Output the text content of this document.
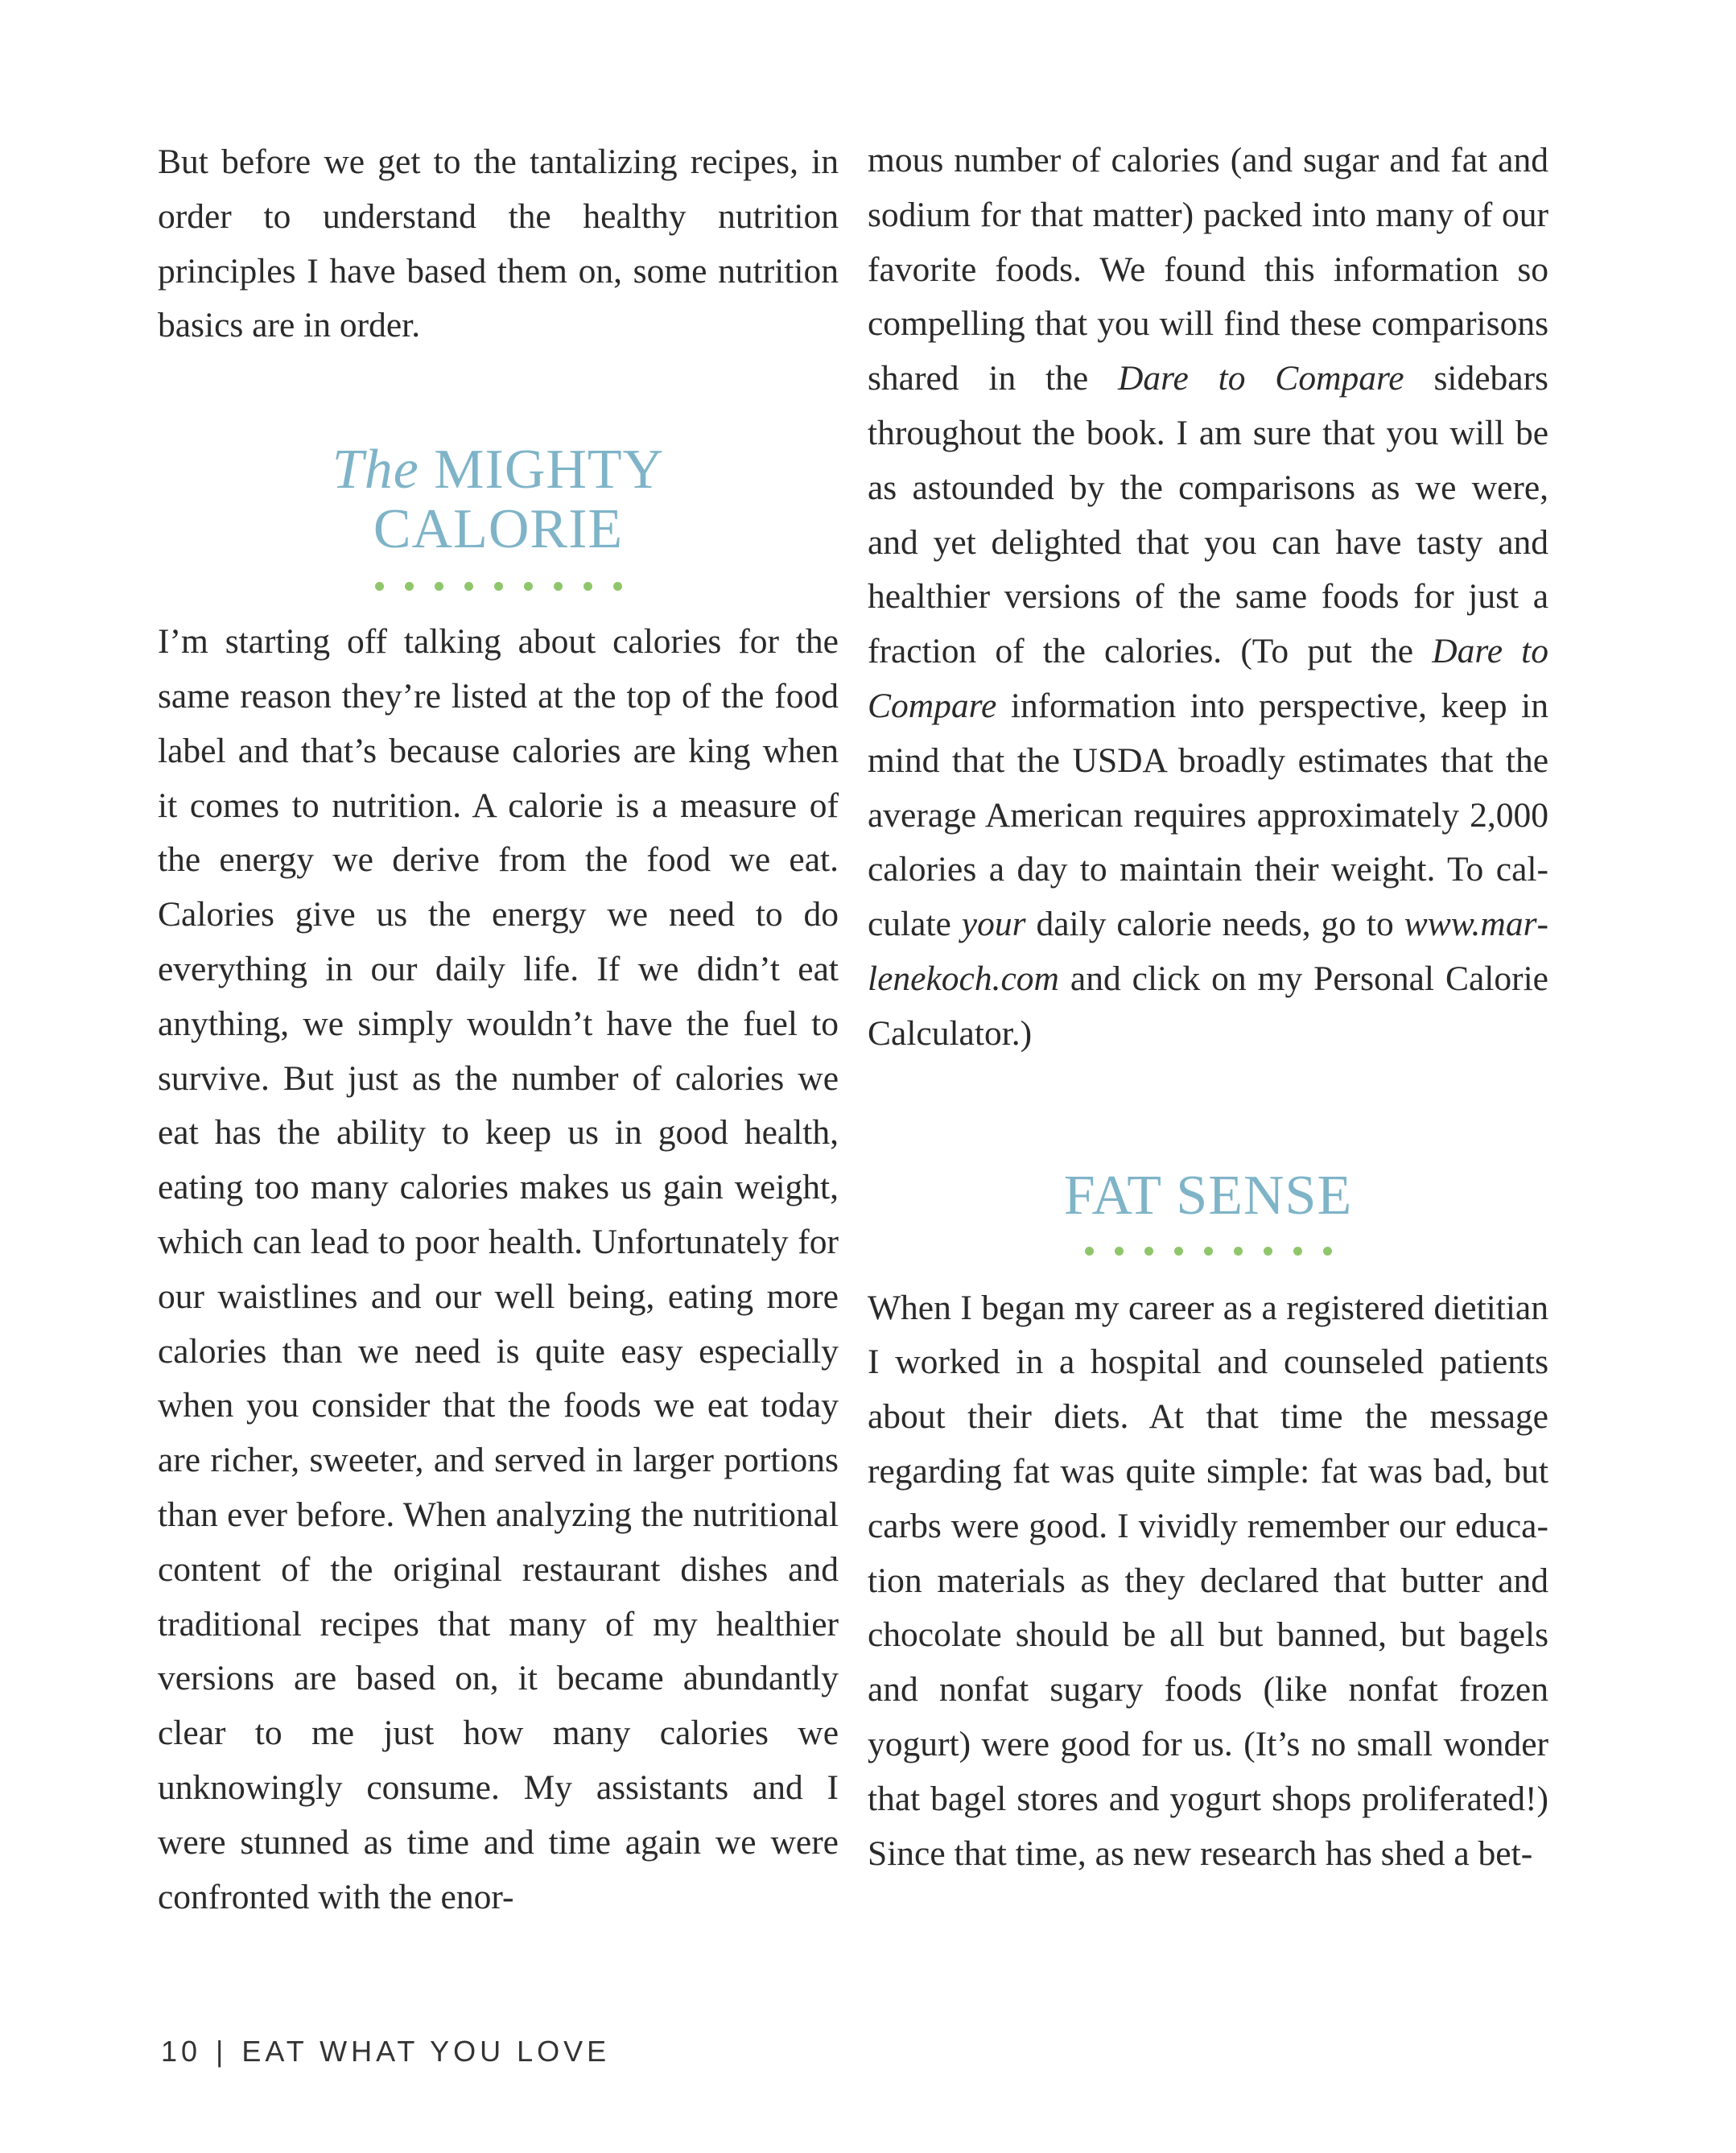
But before we get to the tantalizing recipes, in order to understand the healthy nutrition principles I have based them on, some nutrition basics are in order.

The MIGHTY
CALORIE

I’m starting off talking about calories for the same reason they’re listed at the top of the food label and that’s because calories are king when it comes to nutrition. A calorie is a measure of the energy we derive from the food we eat. Calories give us the energy we need to do everything in our daily life. If we didn’t eat anything, we simply wouldn’t have the fuel to survive. But just as the number of calories we eat has the ability to keep us in good health, eating too many calories makes us gain weight, which can lead to poor health. Unfortunately for our waistlines and our well being, eating more calories than we need is quite easy especially when you consider that the foods we eat today are richer, sweeter, and served in larger portions than ever before. When analyzing the nutritional content of the original restaurant dishes and traditional recipes that many of my healthier versions are based on, it became abundantly clear to me just how many calories we unknowingly consume. My assistants and I were stunned as time and time again we were confronted with the enor-

mous number of calories (and sugar and fat and sodium for that matter) packed into many of our favorite foods. We found this information so compelling that you will find these comparisons shared in the Dare to Compare sidebars throughout the book. I am sure that you will be as astounded by the comparisons as we were, and yet delighted that you can have tasty and healthier versions of the same foods for just a fraction of the calories. (To put the Dare to Compare information into perspective, keep in mind that the USDA broadly estimates that the average American requires approximately 2,000 calories a day to maintain their weight. To calculate your daily calorie needs, go to www.marlenekoch.com and click on my Personal Calorie Calculator.)

FAT SENSE

When I began my career as a registered dietitian I worked in a hospital and counseled patients about their diets. At that time the message regarding fat was quite simple: fat was bad, but carbs were good. I vividly remember our education materials as they declared that butter and chocolate should be all but banned, but bagels and nonfat sugary foods (like nonfat frozen yogurt) were good for us. (It’s no small wonder that bagel stores and yogurt shops proliferated!) Since that time, as new research has shed a bet-

10 | EAT WHAT YOU LOVE
